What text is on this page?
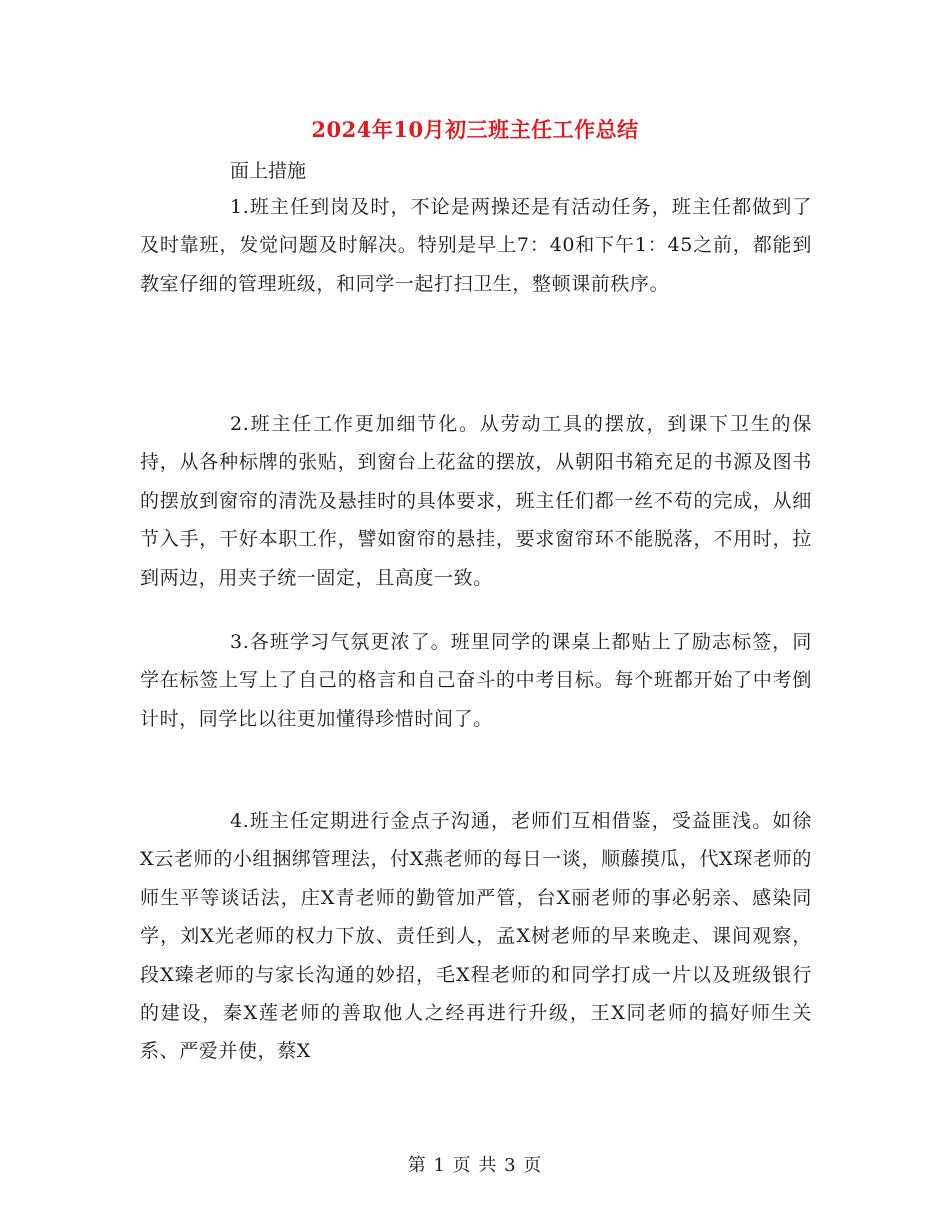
2024年10月初三班主任工作总结
面上措施

1.班主任到岗及时，不论是两操还是有活动任务，班主任都做到了及时靠班，发觉问题及时解决。特别是早上7：40和下午1：45之前，都能到教室仔细的管理班级，和同学一起打扫卫生，整顿课前秩序。

2.班主任工作更加细节化。从劳动工具的摆放，到课下卫生的保持，从各种标牌的张贴，到窗台上花盆的摆放，从朝阳书箱充足的书源及图书的摆放到窗帘的清洗及悬挂时的具体要求，班主任们都一丝不苟的完成，从细节入手，干好本职工作，譬如窗帘的悬挂，要求窗帘环不能脱落，不用时，拉到两边，用夹子统一固定，且高度一致。

3.各班学习气氛更浓了。班里同学的课桌上都贴上了励志标签，同学在标签上写上了自己的格言和自己奋斗的中考目标。每个班都开始了中考倒计时，同学比以往更加懂得珍惜时间了。

4.班主任定期进行金点子沟通，老师们互相借鉴，受益匪浅。如徐X云老师的小组捆绑管理法，付X燕老师的每日一谈，顺藤摸瓜，代X琛老师的师生平等谈话法，庄X青老师的勤管加严管，台X丽老师的事必躬亲、感染同学，刘X光老师的权力下放、责任到人，孟X树老师的早来晚走、课间观察，段X臻老师的与家长沟通的妙招，毛X程老师的和同学打成一片以及班级银行的建设，秦X莲老师的善取他人之经再进行升级，王X同老师的搞好师生关系、严爱并使，蔡X

第 1 页 共 3 页
